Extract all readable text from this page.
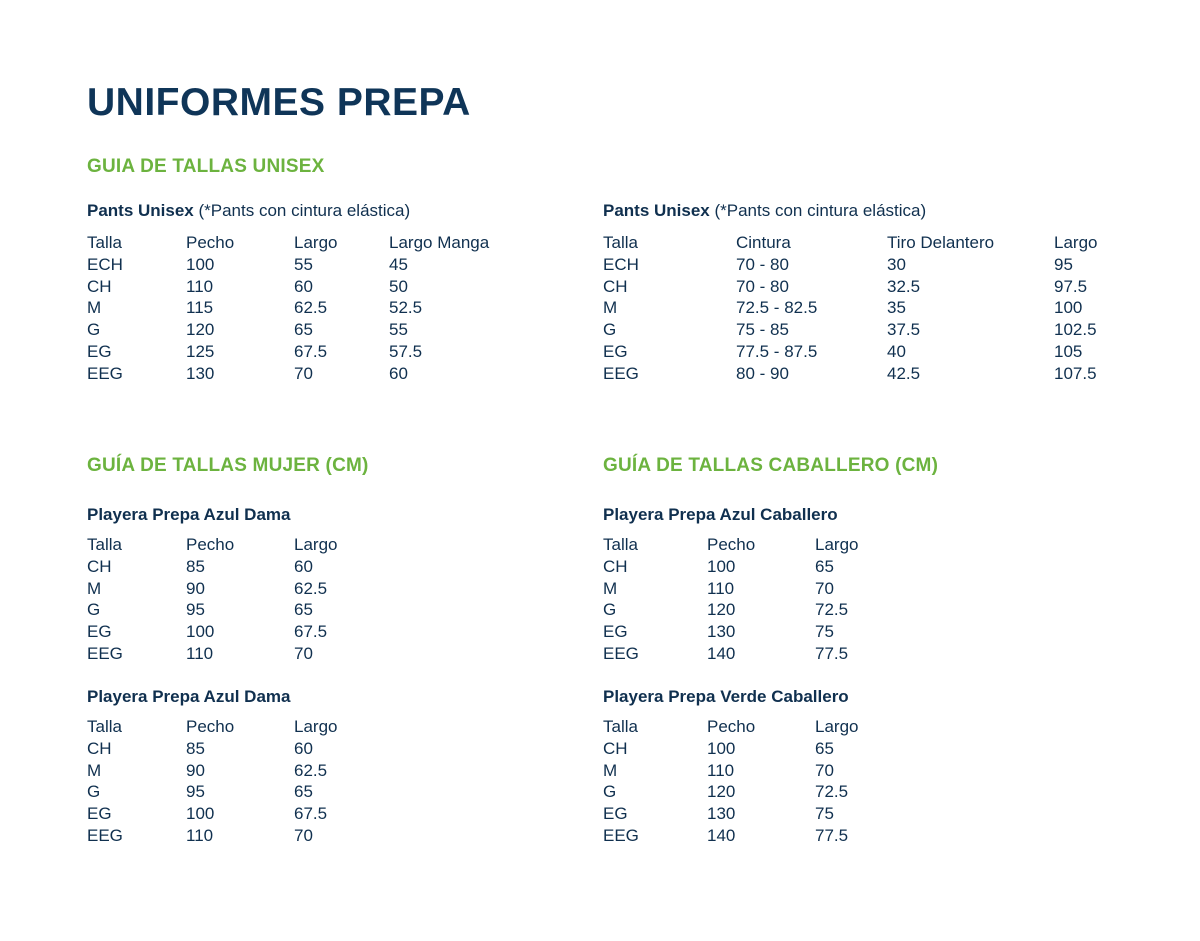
UNIFORMES PREPA
GUIA DE TALLAS UNISEX
GUÍA DE TALLAS MUJER (CM)	GUÍA DE TALLAS CABALLERO (CM)

Pants Unisex (*Pants con cintura elástica)

Talla	Pecho	Largo	Largo Manga
ECH	100	55	45
CH	110	60	50
M	115	62.5	52.5
G	120	65	55
EG	125	67.5	57.5
EEG	130	70	60

Pants Unisex (*Pants con cintura elástica)

Talla	Cintura	Tiro Delantero	Largo
ECH	70 - 80	30	95
CH	70 - 80	32.5	97.5
M	72.5 - 82.5	35	100
G	75 - 85	37.5	102.5
EG	77.5 - 87.5	40	105
EEG	80 - 90	42.5	107.5

Playera Prepa Azul Dama

Talla	Pecho	Largo
CH	85	60
M	90	62.5
G	95	65
EG	100	67.5
EEG	110	70

Playera Prepa Azul Dama

Talla	Pecho	Largo
CH	85	60
M	90	62.5
G	95	65
EG	100	67.5
EEG	110	70

Playera Prepa Azul Caballero

Talla	Pecho	Largo
CH	100	65
M	110	70
G	120	72.5
EG	130	75
EEG	140	77.5

Playera Prepa Verde Caballero

Talla	Pecho	Largo
CH	100	65
M	110	70
G	120	72.5
EG	130	75
EEG	140	77.5
